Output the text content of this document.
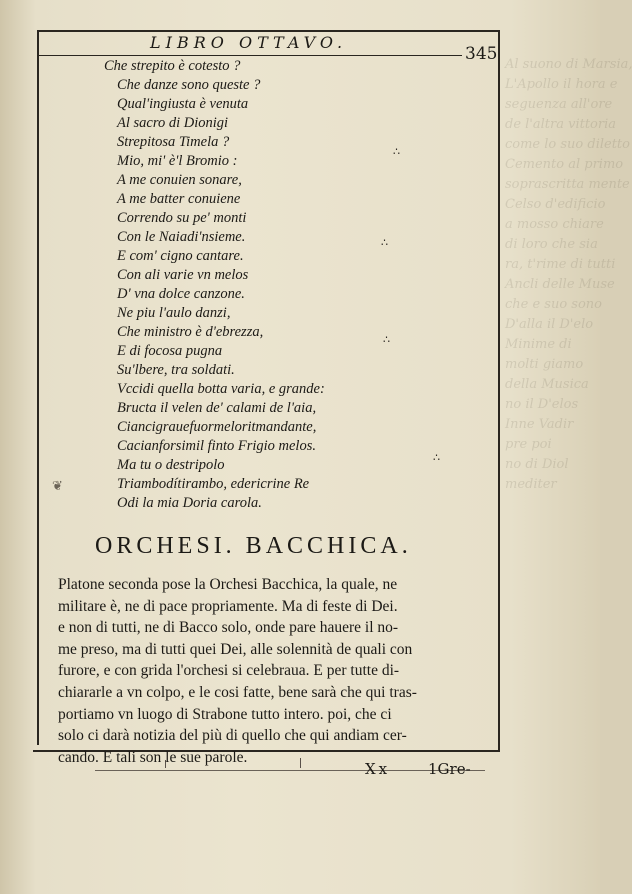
Al suono di Marsia,
L'Apollo il hora e
seguenza all'ore
de l'altra vittoria
come lo suo diletto
Cemento al primo
soprascritta mente
Celso d'edificio
a mosso chiare
di loro che sia
ra, t'rime di tutti
Ancli delle Muse
che e suo sono
D'alla il D'elo
Minime di
molti giamo
della Musica
no il D'elos
Inne Vadir
pre poi
no di Diol
mediter
LIBRO OTTAVO.
345
Che strepito è cotesto ?
Che danze sono queste ?
Qual'ingiusta è venuta
Al sacro di Dionigi
Strepitosa Timela ?
Mio, mi' è'l Bromio :
A me conuien sonare,
A me batter conuiene
Correndo su pe' monti
Con le Naiadi'nsieme.
E com' cigno cantare.
Con ali varie vn melos
D' vna dolce canzone.
Ne piu l'aulo danzi,
Che ministro è d'ebrezza,
E di focosa pugna
Su'lbere, tra soldati.
Vccidi quella botta varia, e grande:
Bructa il velen de' calami de l'aia,
Ciancigrauefuormeloritmandante,
Cacianforsimil finto Frigio melos.
Ma tu o destripolo
Triambodítirambo, edericrine Re
Odi la mia Doria carola.
∴
∴
∴
∴
❦
ORCHESI. BACCHICA.
Platone seconda pose la Orchesi Bacchica, la quale, ne
militare è, ne di pace propriamente. Ma di feste di Dei.
e non di tutti, ne di Bacco solo, onde pare hauere il no-
me preso, ma di tutti quei Dei, alle solennità de quali con
furore, e con grida l'orchesi si celebraua. E per tutte di-
chiararle a vn colpo, e le cosi fatte, bene sarà che qui tras-
portiamo vn luogo di Strabone tutto intero. poi, che ci
solo ci darà notizia del più di quello che qui andiam cer-
cando. E tali son le sue parole.
Xx	1Gre-
